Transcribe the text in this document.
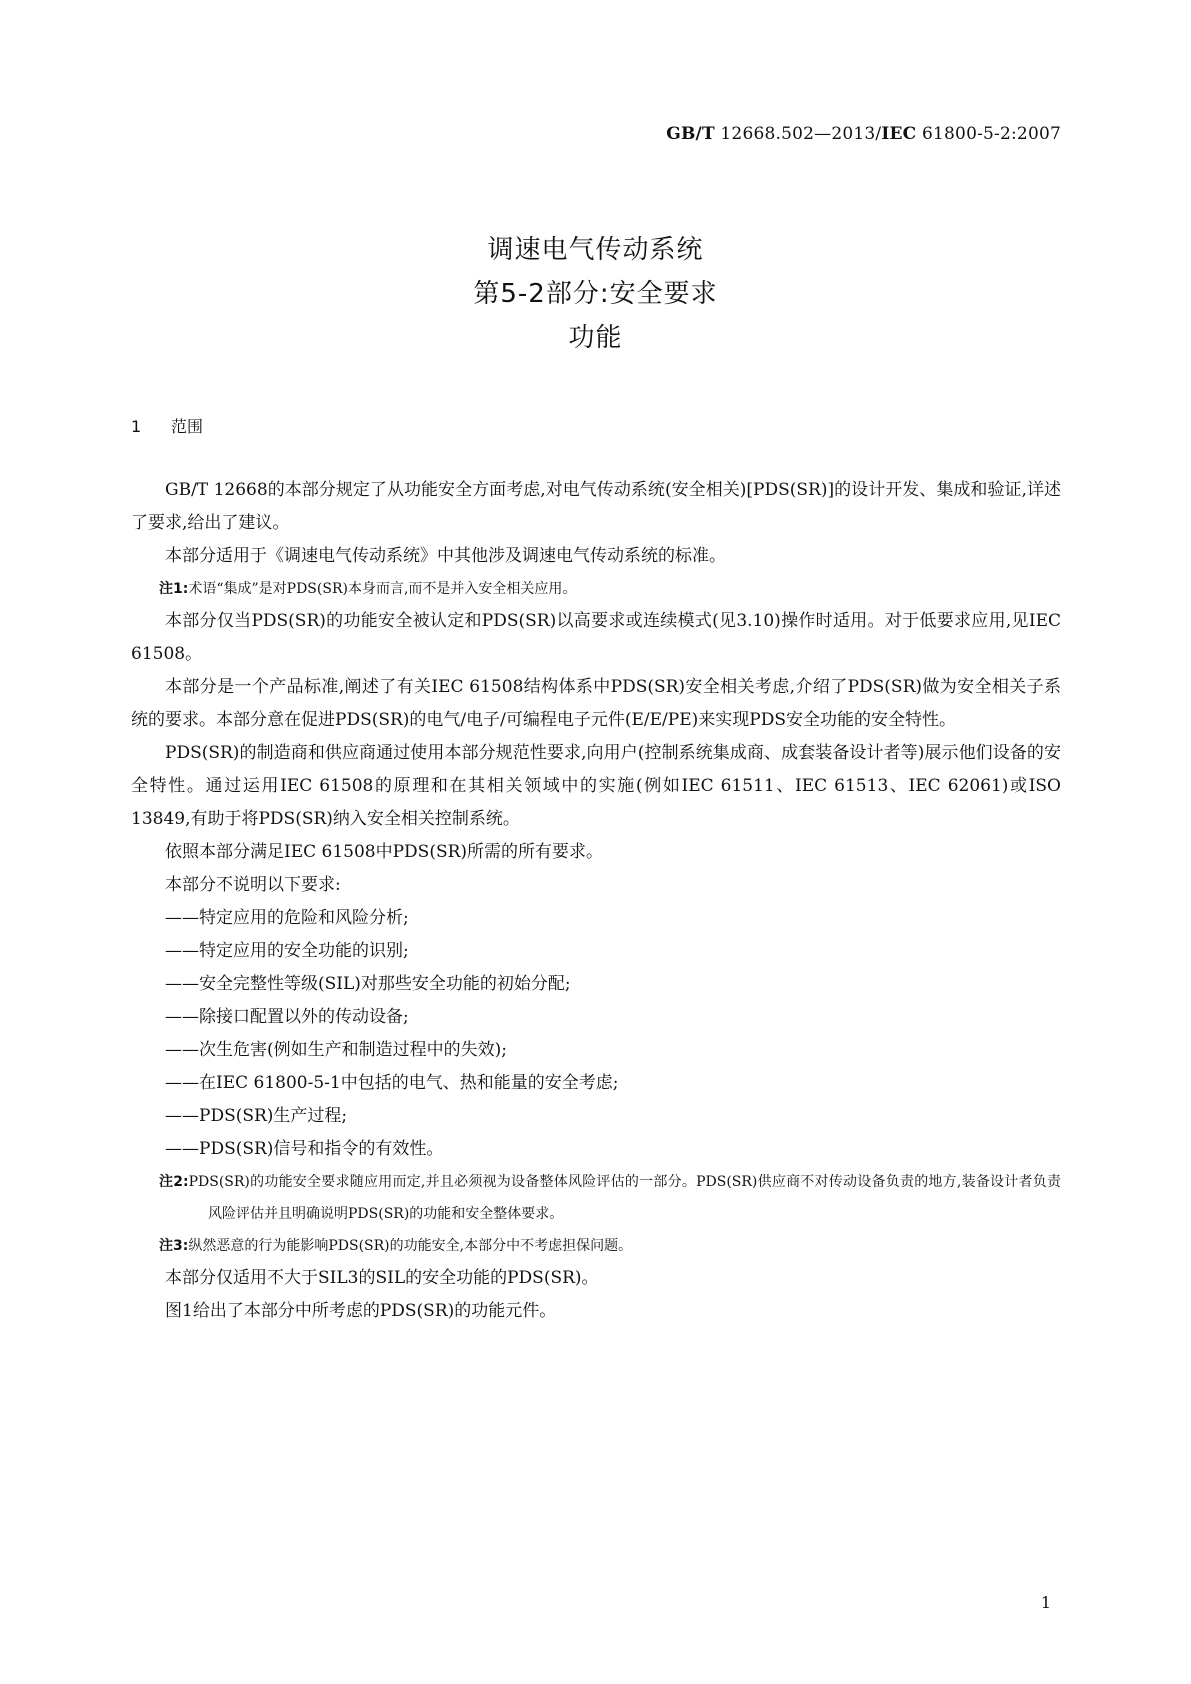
GB/T 12668.502—2013/IEC 61800-5-2:2007
调速电气传动系统
第5-2部分:安全要求
功能
1 范围

GB/T 12668的本部分规定了从功能安全方面考虑,对电气传动系统(安全相关)[PDS(SR)]的设计开发、集成和验证,详述了要求,给出了建议。

本部分适用于《调速电气传动系统》中其他涉及调速电气传动系统的标准。

注1:术语“集成”是对PDS(SR)本身而言,而不是并入安全相关应用。

本部分仅当PDS(SR)的功能安全被认定和PDS(SR)以高要求或连续模式(见3.10)操作时适用。对于低要求应用,见IEC 61508。

本部分是一个产品标准,阐述了有关IEC 61508结构体系中PDS(SR)安全相关考虑,介绍了PDS(SR)做为安全相关子系统的要求。本部分意在促进PDS(SR)的电气/电子/可编程电子元件(E/E/PE)来实现PDS安全功能的安全特性。

PDS(SR)的制造商和供应商通过使用本部分规范性要求,向用户(控制系统集成商、成套装备设计者等)展示他们设备的安全特性。通过运用IEC 61508的原理和在其相关领域中的实施(例如IEC 61511、IEC 61513、IEC 62061)或ISO 13849,有助于将PDS(SR)纳入安全相关控制系统。

依照本部分满足IEC 61508中PDS(SR)所需的所有要求。

本部分不说明以下要求:

——特定应用的危险和风险分析;

——特定应用的安全功能的识别;

——安全完整性等级(SIL)对那些安全功能的初始分配;

——除接口配置以外的传动设备;

——次生危害(例如生产和制造过程中的失效);

——在IEC 61800-5-1中包括的电气、热和能量的安全考虑;

——PDS(SR)生产过程;

——PDS(SR)信号和指令的有效性。

注2:PDS(SR)的功能安全要求随应用而定,并且必须视为设备整体风险评估的一部分。PDS(SR)供应商不对传动设备负责的地方,装备设计者负责风险评估并且明确说明PDS(SR)的功能和安全整体要求。

注3:纵然恶意的行为能影响PDS(SR)的功能安全,本部分中不考虑担保问题。

本部分仅适用不大于SIL3的SIL的安全功能的PDS(SR)。

图1给出了本部分中所考虑的PDS(SR)的功能元件。

1
